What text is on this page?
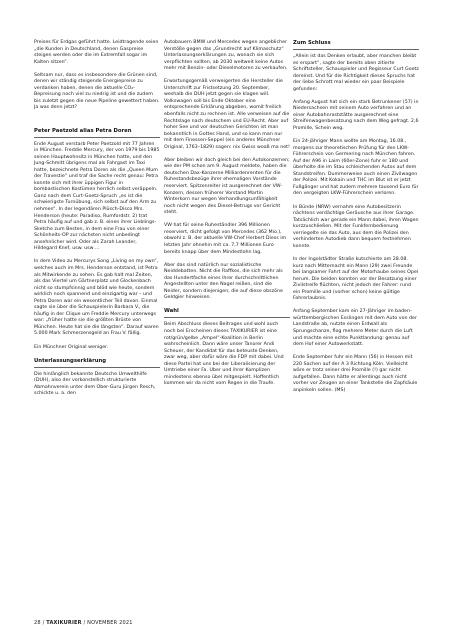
Preises für Erdgas geführt hatte. Leidtragende seien „die Kunden in Deutschland, denen Gaspreise steigen werden oder die im Extremfall sogar im Kalten sitzen“.

Seltsam nur, dass es insbesondere die Grünen sind, denen wir ständig steigende Energiepreise zu verdanken haben, denen die aktuelle CO₂-Bepreisung noch viel zu niedrig ist und die zudem bis zuletzt gegen die neue Pipeline gewettert haben. Ja was denn jetzt?

Peter Paetzold alias Petra Doren

Ende August verstarb Peter Paetzold mit 77 Jahren in München. Freddie Mercury, der von 1979 bis 1985 seinen Hauptwohnsitz in München hatte, und den Jung-Schmitt übrigens mal als Fahrgast im Taxi hatte, bezeichnete Petra Doren als die „Queen Mum der Travestie“ und traf die Sache recht genau: Petra konnte sich mit ihrer üppigen Figur in bombastischen Kostümen herrlich selbst veräppeln. Ganz nach dem Curt-Goetz-Spruch „es ist die schwierigste Turnübung, sich selbst auf den Arm zu nehmen“. In der legendären Plüsch-Disco Mrs. Henderson (heute: Paradiso, Rumfordstr. 2) trat Petra häufig auf und gab z. B. einen ihrer Lieblings-Sketche zum Besten, in dem eine Frau von einer Schönheits-OP zur nächsten nicht unbedingt ansehnlicher wird. Oder als Zarah Leander, Hildegard Knef, usw. usw …

In dem Video zu Mercurys Song „Living on my own“, welches auch im Mrs. Henderson entstand, ist Petra als Mitwirkende zu sehen. Es gab halt mal Zeiten, als das Viertel um Gärtnerplatz und Glockenbach nicht so stumpfsinnig und blöd wie heute, sondern wirklich noch spannend und einzigartig war – und Petra Doren war ein wesentlicher Teil davon. Einmal sagte sie über die Schauspielerin Barbara V., die häufig in der Clique um Freddie Mercury unterwegs war: „früher hatte sie die größten Brüste von München. Heute hat sie die längsten“. Darauf waren 5.000 Mark Schmerzensgeld an Frau V. fällig.

Ein Münchner Original weniger.

Unterlassungserklärung

Die hinlänglich bekannte Deutsche Umwelthilfe (DUH), also der vorkonstellich strukturierte Abmahnverein unter dem Ober-Guru Jürgen Resch, schickte u. a. den

Autobauern BMW und Mercedes wegen angeblicher Verstöße gegen das „Grundrecht auf Klimaschutz“ Unterlassungserklärungen zu, wonach sie sich verpflichten sollten, ab 2030 weltweit keine Autos mehr mit Benzin- oder Dieselmotoren zu verkaufen.

Erwartungsgemäß verweigerten die Hersteller die Unterschrift zur Fristsetzung 20. September, weshalb die DUH jetzt gegen sie klagen will. Volkswagen soll bis Ende Oktober eine entsprechende Erklärung abgeben, womit freilich ebenfalls nicht zu rechnen ist. Alle verweisen auf die Rechtslage nach deutschem und EU-Recht. Aber auf hoher See und vor deutschen Gerichten ist man bekanntlich in Gottes Hand, und so kann man nur mit dem Finessen-Seppel (ein anderes Münchner Original, 1763–1829) sagen: nix Gwiss woaß ma net!

Aber bleiben wir doch gleich bei den Autokonzernen; wie der PM schon am 9. August meldete, haben die deutschen Dax-Konzerne Milliardenrenten für die Ruhestandsbezüge ihrer ehemaligen Vorstände reserviert. Spitzenreiter ist ausgerechnet der VW-Konzern, dessen früherer Vorstand Martin Winterkorn nur wegen Verhandlungsunfähigkeit noch nicht wegen des Diesel-Betrugs vor Gericht steht.

VW hat für seine Ruheständler 396 Millionen reserviert, dicht gefolgt von Mercedes (362 Mio.), obwohl z. B. der aktuelle VW-Chef Herbert Diess im letzten Jahr ohnehin mit ca. 7,7 Millionen Euro bereits knapp über dem Mindestlohn lag.

Aber das sind natürlich nur sozialistische Neiddebatten. Nicht die Raffkes, die sich mehr als das Hundertfache eines ihrer durchschnittlichen Angestellten unter den Nagel reißen, sind die Neider, sondern diejenigen, die auf diese obszöne Geldgier hinweisen.

Wahl

Beim Abschluss dieses Beitrages und wohl auch noch bei Erscheinen dieses TAXIKURIER ist eine rot/grün/gelbe „Ampel“-Koalition in Berlin wahrscheinlich. Dann wäre unser Tanorer Andi Scheuer, der Kandidat für das beteuste Denken, zwar weg, aber dafür wäre die FDP mit dabei. Und diese Partei hat uns bei der Liberalisierung der Umtriebe einer Fa. Uber und ihrer Komplizen mindestens ebenso übel mitgespielt. Hoffentlich kommen wir da nicht vom Regen in die Traufe.

Zum Schluss

„Allein ist das Denken erlaubt, aber manchen bleibt es erspart“, sagte der bereits oben zitierte Schriftsteller, Schauspieler und Regisseur Curt Goetz dereinst. Und für die Richtigkeit dieses Spruchs hat der liebe Schrott mal wieder ein paar Beispiele gefunden:

Anfang August hat sich ein stark Betrunkener (57) in Niedersachsen mit seinem Auto verfahren und an einer Autobahnraststätte ausgerechnet eine Streifenwagenbesatzung nach dem Weg gefragt. 2,6 Promille, Schein weg.

Ein 24-jähriger Mann wollte am Montag, 16.08., morgens zur theoretischen Prüfung für den LKW-Führerschein von Germering nach München fahren. Auf der A96 in Laim (60er-Zone) fuhr er 180 und überholte die im Stau schleichenden Autos auf dem Standstreifen. Dummerweise auch einen Zivilwagen der Polizei. Mit Kokain und THC im Blut ist er jetzt Fußgänger und hat zudem mehrere tausend Euro für den vergeigten LKW-Führerschein verloren.

In Bünde (NRW) vernahm eine Autobesitzerin nächtens verdächtige Geräusche aus ihrer Garage. Tatsächlich war gerade ein Mann dabei, ihren Wagen kurzzuschließen. Mit der Funkfernbedienung verriegelte sie das Auto, aus dem die Polizei den verhinderten Autodieb dann bequem festnehmen konnte.

In der Ingolstädter Straße kutschierte am 28.08. kurz nach Mitternacht ein Mann (29) zwei Freunde bei langsamer Fahrt auf der Motorhaube seines Opel herum. Die beiden konnten vor der Besatzung einer Zivilstreife flüchten, nicht jedoch der Fahrer: rund ein Promille und (vorher schon) keine gültige Fahrerlaubnis.

Anfang September kam ein 27-Jähriger im baden-württembergischen Esslingen mit dem Auto von der Landstraße ab, nutzte einen Erdwall als Sprungschanze, flog mehrere Meter durch die Luft und machte eine echte Punktlandung: genau auf dem Hof einer Autowerkstatt.

Ende September fuhr ein Mann (56) in Hessen mit 220 Sachen auf der A 3 Richtung Köln. Vielleicht wäre er trotz seiner drei Promille (!) gar nicht aufgefallen. Dann hätte er allerdings auch nicht vorher vor Zeugen an einer Tankstelle die Zapfsäule anpinkeln sollen. (MS)

28 / TAXIKURIER / NOVEMBER 2021
